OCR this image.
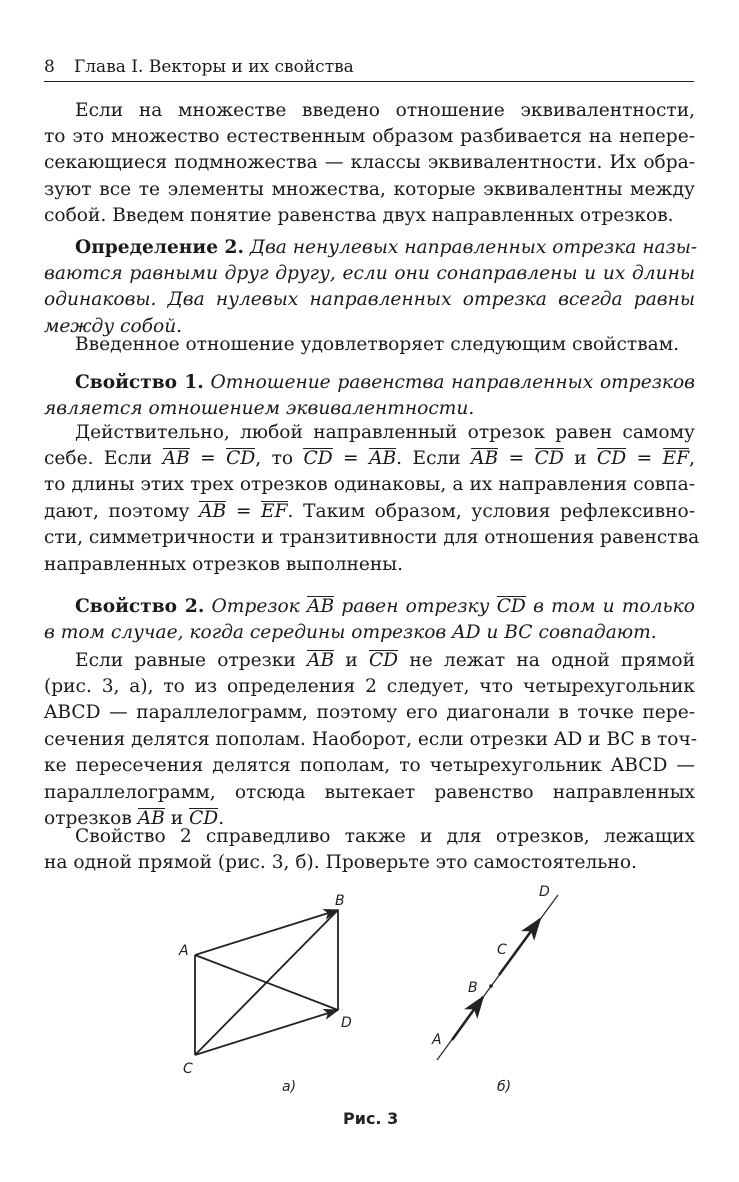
8 Глава I. Векторы и их свойства
Если на множестве введено отношение эквивалентности,
то это множество естественным образом разбивается на непере-
секающиеся подмножества — классы эквивалентности. Их обра-
зуют все те элементы множества, которые эквивалентны между
собой. Введем понятие равенства двух направленных отрезков.
Определение 2. Два ненулевых направленных отрезка назы-
ваются равными друг другу, если они сонаправлены и их длины
одинаковы. Два нулевых направленных отрезка всегда равны
между собой.
Введенное отношение удовлетворяет следующим свойствам.
Свойство 1. Отношение равенства направленных отрезков
является отношением эквивалентности.
Действительно, любой направленный отрезок равен самому
себе. Если AB = CD, то CD = AB. Если AB = CD и CD = EF,
то длины этих трех отрезков одинаковы, а их направления совпа-
дают, поэтому AB = EF. Таким образом, условия рефлексивно-
сти, симметричности и транзитивности для отношения равенства
направленных отрезков выполнены.
Свойство 2. Отрезок AB равен отрезку CD в том и только
в том случае, когда середины отрезков AD и BC совпадают.
Если равные отрезки AB и CD не лежат на одной прямой
(рис. 3, а), то из определения 2 следует, что четырехугольник
ABCD — параллелограмм, поэтому его диагонали в точке пере-
сечения делятся пополам. Наоборот, если отрезки AD и BC в точ-
ке пересечения делятся пополам, то четырехугольник ABCD —
параллелограмм, отсюда вытекает равенство направленных
отрезков AB и CD.
Свойство 2 справедливо также и для отрезков, лежащих
на одной прямой (рис. 3, б). Проверьте это самостоятельно.
A
B
C
D
а)
A
B
C
D
б)
Рис. 3
